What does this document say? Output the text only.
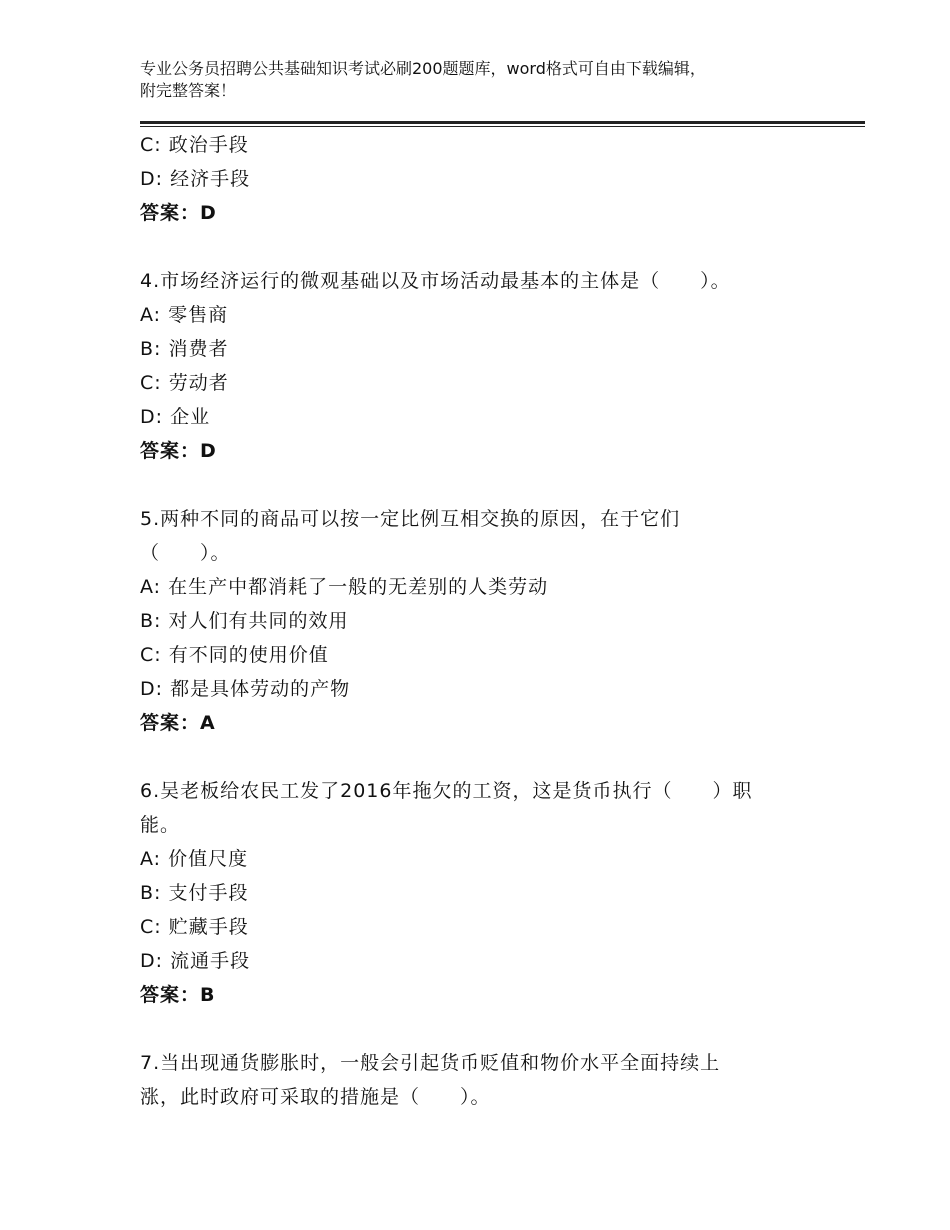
专业公务员招聘公共基础知识考试必刷200题题库，word格式可自由下载编辑，
附完整答案！
C: 政治手段
D: 经济手段
答案：D
4.市场经济运行的微观基础以及市场活动最基本的主体是（　　）。
A: 零售商
B: 消费者
C: 劳动者
D: 企业
答案：D
5.两种不同的商品可以按一定比例互相交换的原因，在于它们
（　　）。
A: 在生产中都消耗了一般的无差别的人类劳动
B: 对人们有共同的效用
C: 有不同的使用价值
D: 都是具体劳动的产物
答案：A
6.吴老板给农民工发了2016年拖欠的工资，这是货币执行（　　）职
能。
A: 价值尺度
B: 支付手段
C: 贮藏手段
D: 流通手段
答案：B
7.当出现通货膨胀时，一般会引起货币贬值和物价水平全面持续上
涨，此时政府可采取的措施是（　　）。
